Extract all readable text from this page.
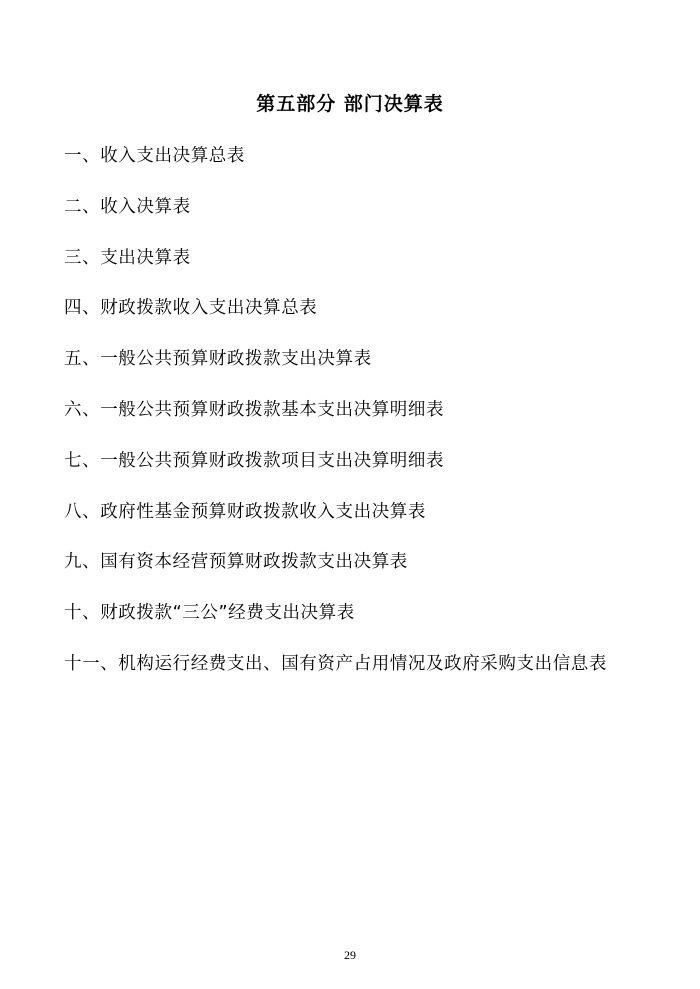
第五部分 部门决算表
一、收入支出决算总表
二、收入决算表
三、支出决算表
四、财政拨款收入支出决算总表
五、一般公共预算财政拨款支出决算表
六、一般公共预算财政拨款基本支出决算明细表
七、一般公共预算财政拨款项目支出决算明细表
八、政府性基金预算财政拨款收入支出决算表
九、国有资本经营预算财政拨款支出决算表
十、财政拨款“三公”经费支出决算表
十一、机构运行经费支出、国有资产占用情况及政府采购支出信息表
29
